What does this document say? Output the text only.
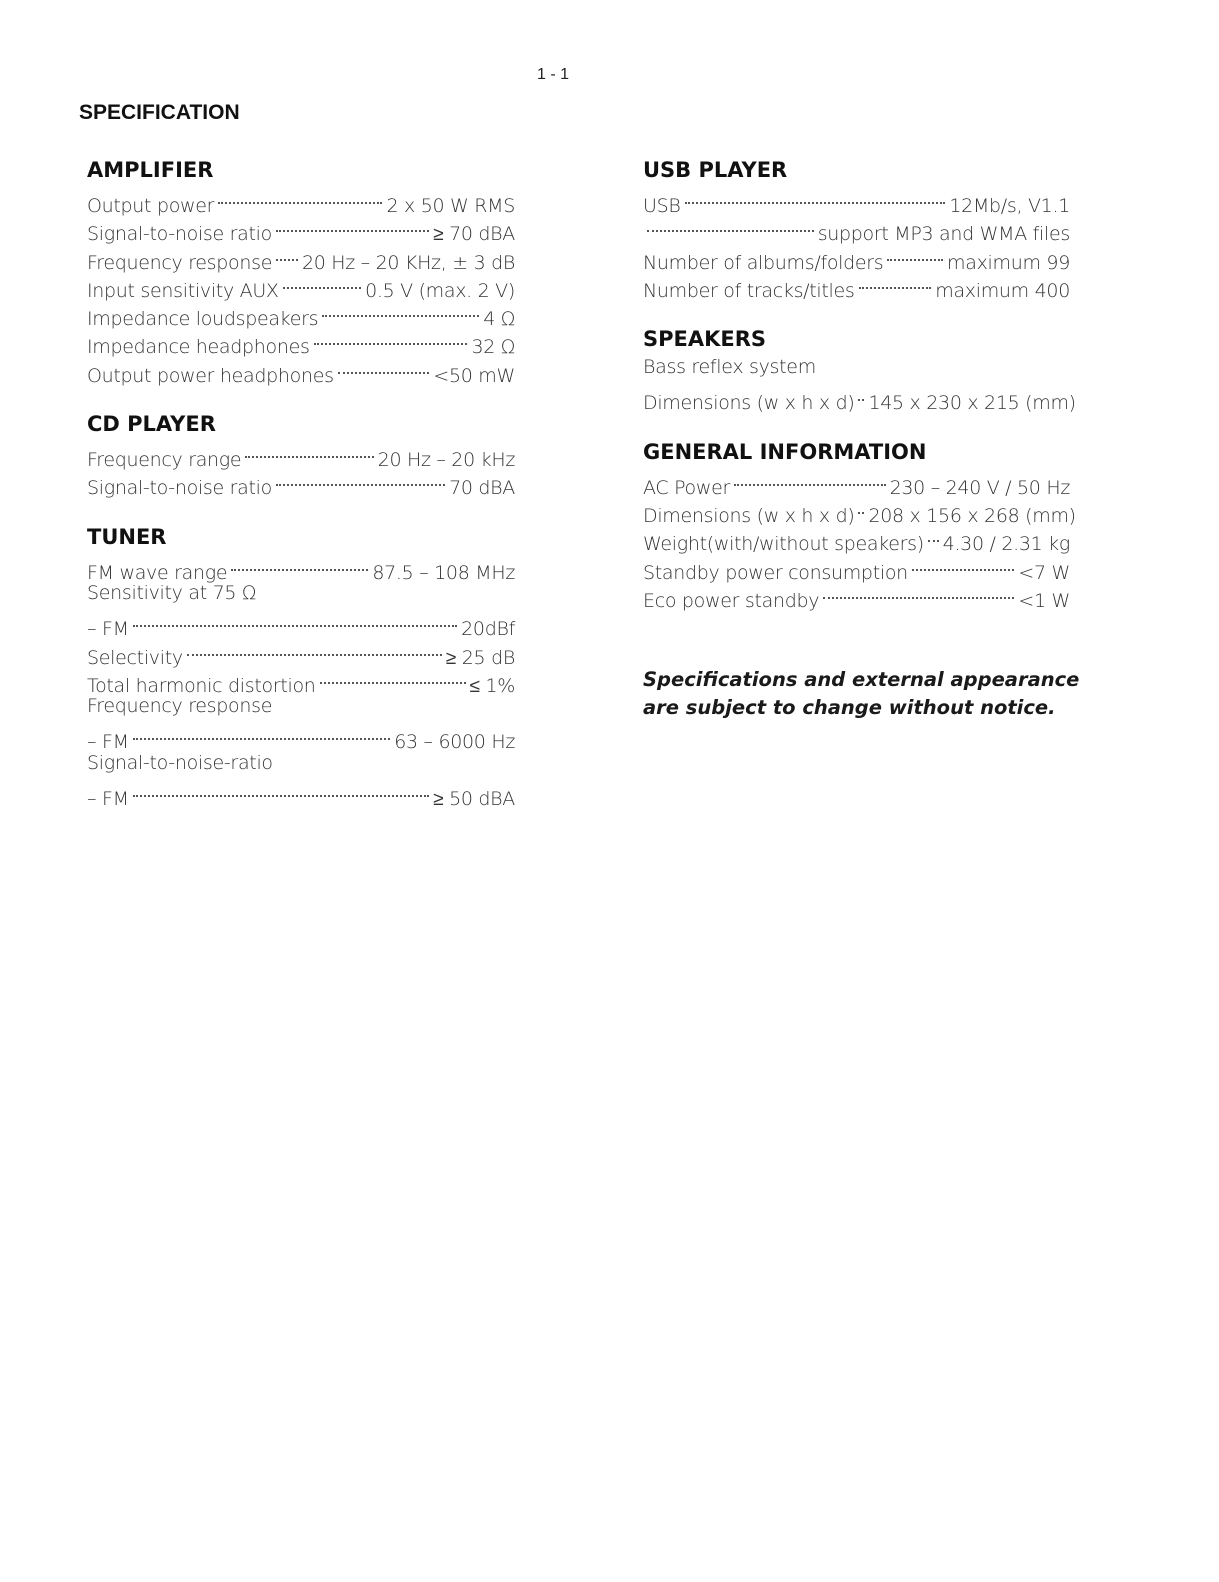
1 - 1
SPECIFICATION
AMPLIFIER
Output power	2 x 50 W RMS
Signal-to-noise ratio	≥ 70 dBA
Frequency response 20 Hz – 20 KHz, ± 3 dB
Input sensitivity AUX	0.5 V (max. 2 V)
Impedance loudspeakers	4 Ω
Impedance headphones	32 Ω
Output power headphones	<50 mW
CD PLAYER
Frequency range	20 Hz – 20 kHz
Signal-to-noise ratio	70 dBA
TUNER
FM wave range	87.5 – 108 MHz
Sensitivity at 75 Ω
– FM	20dBf
Selectivity	≥ 25 dB
Total harmonic distortion	≤ 1%
Frequency response
– FM	63 – 6000 Hz
Signal-to-noise-ratio
– FM	≥ 50 dBA
USB PLAYER
USB	12Mb/s, V1.1
support MP3 and WMA files
Number of albums/folders	maximum 99
Number of tracks/titles	maximum 400
SPEAKERS
Bass reflex system
Dimensions (w x h x d) 145 x 230 x 215 (mm)
GENERAL INFORMATION
AC Power	230 – 240 V / 50 Hz
Dimensions (w x h x d) 208 x 156 x 268 (mm)
Weight(with/without speakers) 4.30 / 2.31 kg
Standby power consumption	<7 W
Eco power standby	<1 W
Specifications and external appearance are subject to change without notice.
